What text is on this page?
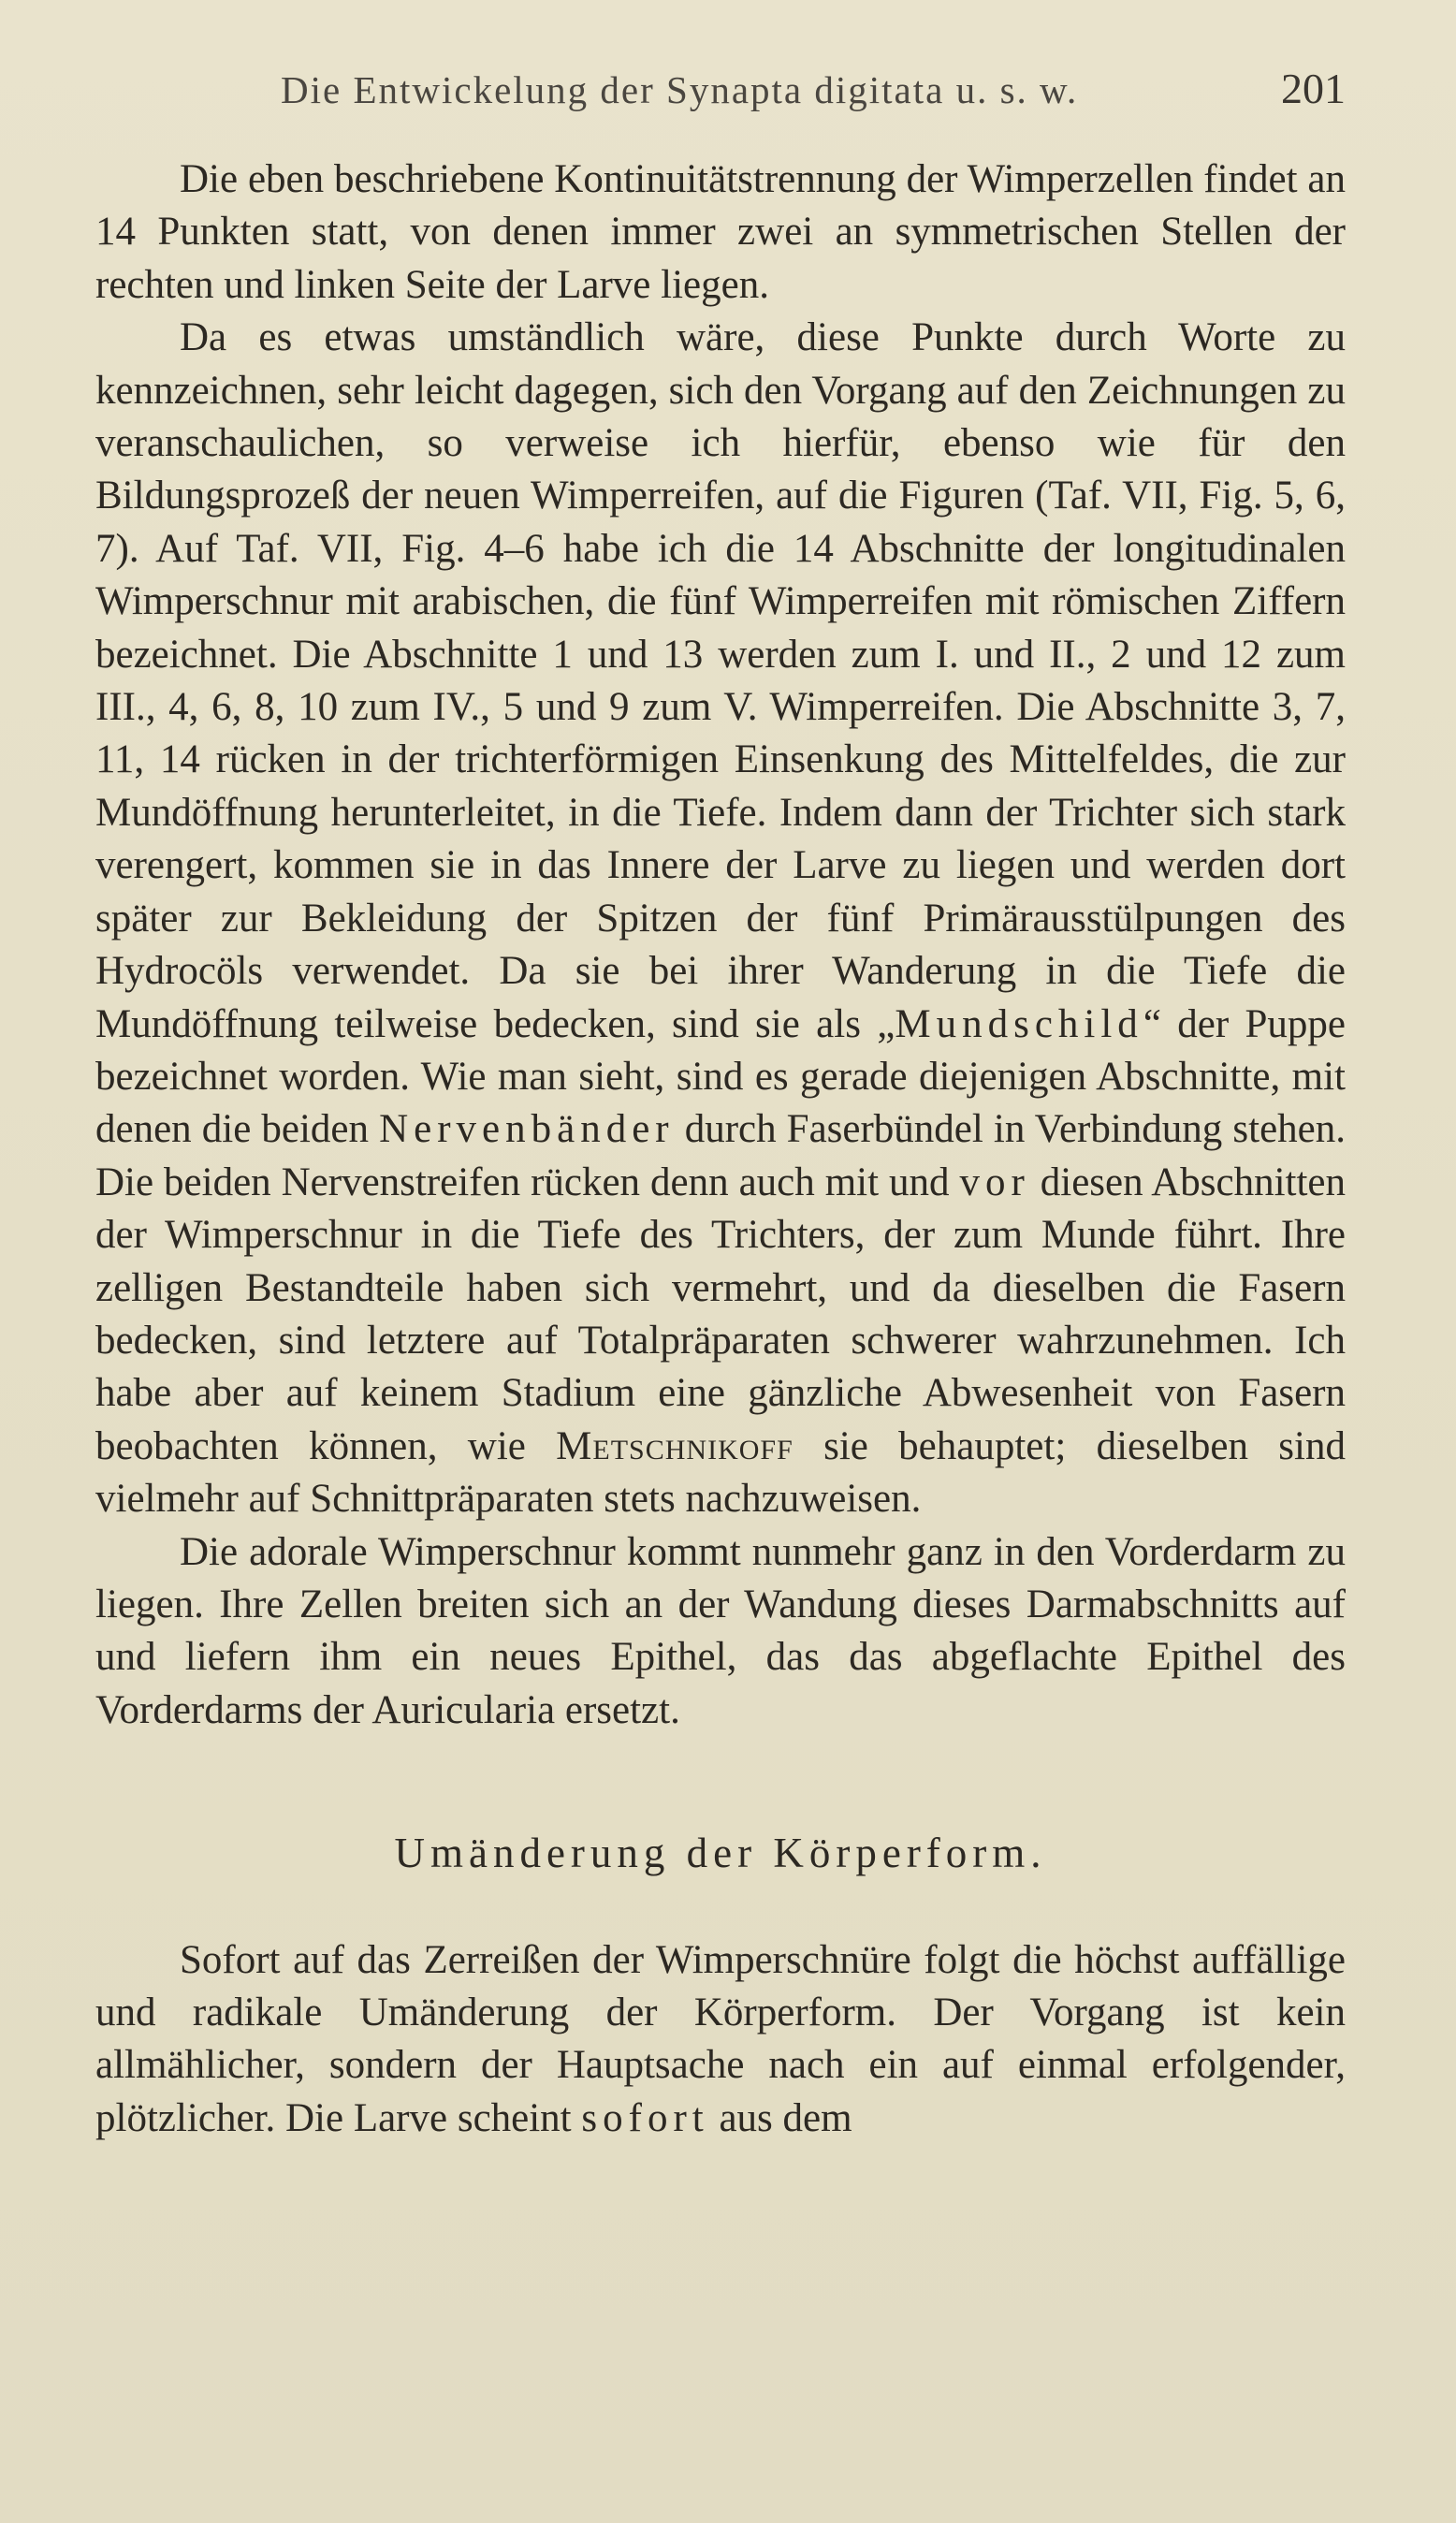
Die Entwickelung der Synapta digitata u. s. w.	201

Die eben beschriebene Kontinuitätstrennung der Wimperzellen findet an 14 Punkten statt, von denen immer zwei an symmetrischen Stellen der rechten und linken Seite der Larve liegen.

Da es etwas umständlich wäre, diese Punkte durch Worte zu kennzeichnen, sehr leicht dagegen, sich den Vorgang auf den Zeichnungen zu veranschaulichen, so verweise ich hierfür, ebenso wie für den Bildungsprozeß der neuen Wimperreifen, auf die Figuren (Taf. VII, Fig. 5, 6, 7). Auf Taf. VII, Fig. 4–6 habe ich die 14 Abschnitte der longitudinalen Wimperschnur mit arabischen, die fünf Wimperreifen mit römischen Ziffern bezeichnet. Die Abschnitte 1 und 13 werden zum I. und II., 2 und 12 zum III., 4, 6, 8, 10 zum IV., 5 und 9 zum V. Wimperreifen. Die Abschnitte 3, 7, 11, 14 rücken in der trichterförmigen Einsenkung des Mittelfeldes, die zur Mundöffnung herunterleitet, in die Tiefe. Indem dann der Trichter sich stark verengert, kommen sie in das Innere der Larve zu liegen und werden dort später zur Bekleidung der Spitzen der fünf Primärausstülpungen des Hydrocöls verwendet. Da sie bei ihrer Wanderung in die Tiefe die Mundöffnung teilweise bedecken, sind sie als „Mundschild“ der Puppe bezeichnet worden. Wie man sieht, sind es gerade diejenigen Abschnitte, mit denen die beiden Nervenbänder durch Faserbündel in Verbindung stehen. Die beiden Nervenstreifen rücken denn auch mit und vor diesen Abschnitten der Wimperschnur in die Tiefe des Trichters, der zum Munde führt. Ihre zelligen Bestandteile haben sich vermehrt, und da dieselben die Fasern bedecken, sind letztere auf Totalpräparaten schwerer wahrzunehmen. Ich habe aber auf keinem Stadium eine gänzliche Abwesenheit von Fasern beobachten können, wie Metschnikoff sie behauptet; dieselben sind vielmehr auf Schnittpräparaten stets nachzuweisen.

Die adorale Wimperschnur kommt nunmehr ganz in den Vorderdarm zu liegen. Ihre Zellen breiten sich an der Wandung dieses Darmabschnitts auf und liefern ihm ein neues Epithel, das das abgeflachte Epithel des Vorderdarms der Auricularia ersetzt.

Umänderung der Körperform.

Sofort auf das Zerreißen der Wimperschnüre folgt die höchst auffällige und radikale Umänderung der Körperform. Der Vorgang ist kein allmählicher, sondern der Hauptsache nach ein auf einmal erfolgender, plötzlicher. Die Larve scheint sofort aus dem
